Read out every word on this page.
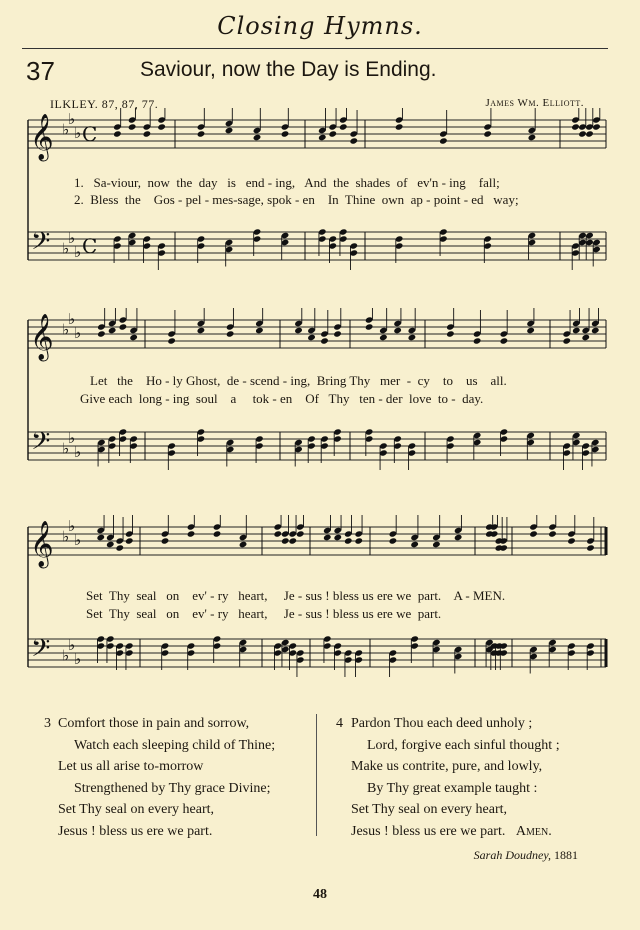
Closing Hymns.
37	Saviour, now the Day is Ending.
ILKLEY. 87, 87, 77.	James Wm. Elliott.
𝄞 ♭
♭
♭ C
𝄢 ♭
♭
♭ C
1.   Sa-viour,  now  the  day   is   end - ing,   And  the  shades  of   ev'n - ing    fall;
2.  Bless  the    Gos - pel - mes-sage, spok - en    In  Thine  own  ap - point - ed   way;
𝄞 ♭
♭
♭
𝄢 ♭
♭
♭
Let   the    Ho - ly Ghost,  de - scend - ing,  Bring Thy   mer  -  cy    to    us    all.
Give each  long - ing  soul    a     tok - en    Of   Thy   ten - der  love  to -  day.
𝄞 ♭
♭
♭
𝄢 ♭
♭
♭
Set  Thy  seal   on    ev' - ry   heart,     Je - sus ! bless us ere we  part.    A - MEN.
Set  Thy  seal   on    ev' - ry   heart,     Je - sus ! bless us ere we  part.
3 Comfort those in pain and sorrow,
Watch each sleeping child of Thine;
Let us all arise to-morrow
Strengthened by Thy grace Divine;
Set Thy seal on every heart,
Jesus ! bless us ere we part.
4 Pardon Thou each deed unholy ;
Lord, forgive each sinful thought ;
Make us contrite, pure, and lowly,
By Thy great example taught :
Set Thy seal on every heart,
Jesus ! bless us ere we part. Amen.
Sarah Doudney, 1881
48
